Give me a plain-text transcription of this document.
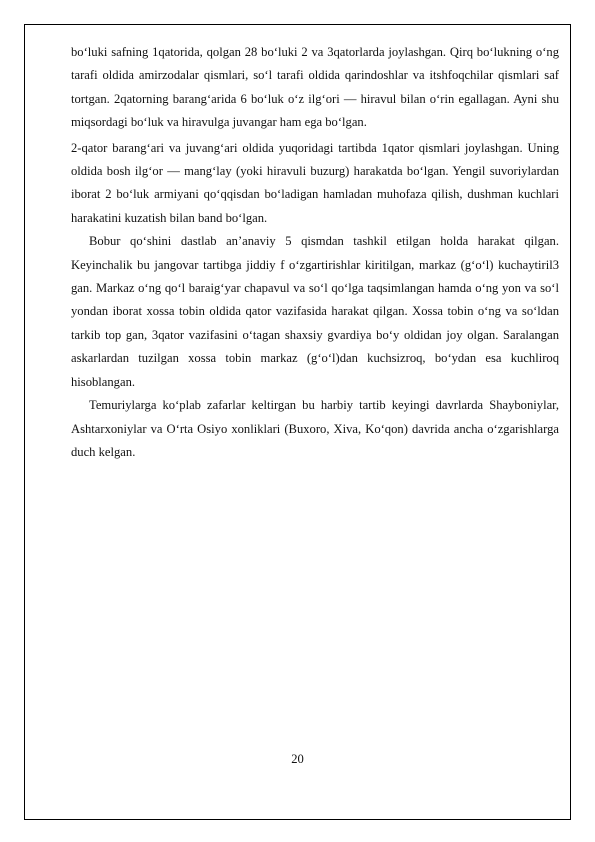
bo‘luki safning 1qatorida, qolgan 28 bo‘luki 2 va 3qatorlarda joylashgan. Qirq bo‘lukning o‘ng tarafi oldida amirzodalar qismlari, so‘l tarafi oldida qarindoshlar va itshfoqchilar qismlari saf tortgan. 2qatorning barang‘arida 6 bo‘luk o‘z ilg‘ori — hiravul bilan o‘rin egallagan. Ayni shu miqsordagi bo‘luk va hiravulga juvangar ham ega bo‘lgan.

2-qator barang‘ari va juvang‘ari oldida yuqoridagi tartibda 1qator qismlari joylashgan. Uning oldida bosh ilg‘or — mang‘lay (yoki hiravuli buzurg) harakatda bo‘lgan. Yengil suvoriylardan iborat 2 bo‘luk armiyani qo‘qqisdan bo‘ladigan hamladan muhofaza qilish, dushman kuchlari harakatini kuzatish bilan band bo‘lgan.

Bobur qo‘shini dastlab an’anaviy 5 qismdan tashkil etilgan holda harakat qilgan. Keyinchalik bu jangovar tartibga jiddiy f o‘zgartirishlar kiritilgan, markaz (g‘o‘l) kuchaytiril3 gan. Markaz o‘ng qo‘l baraig‘yar chapavul va so‘l qo‘lga taqsimlangan hamda o‘ng yon va so‘l yondan iborat xossa tobin oldida qator vazifasida harakat qilgan. Xossa tobin o‘ng va so‘ldan tarkib top gan, 3qator vazifasini o‘tagan shaxsiy gvardiya bo‘y oldidan joy olgan. Saralangan askarlardan tuzilgan xossa tobin markaz (g‘o‘l)dan kuchsizroq, bo‘ydan esa kuchliroq hisoblangan.

Temuriylarga ko‘plab zafarlar keltirgan bu harbiy tartib keyingi davrlarda Shayboniylar, Ashtarxoniylar va O‘rta Osiyo xonliklari (Buxoro, Xiva, Ko‘qon) davrida ancha o‘zgarishlarga duch kelgan.

20
